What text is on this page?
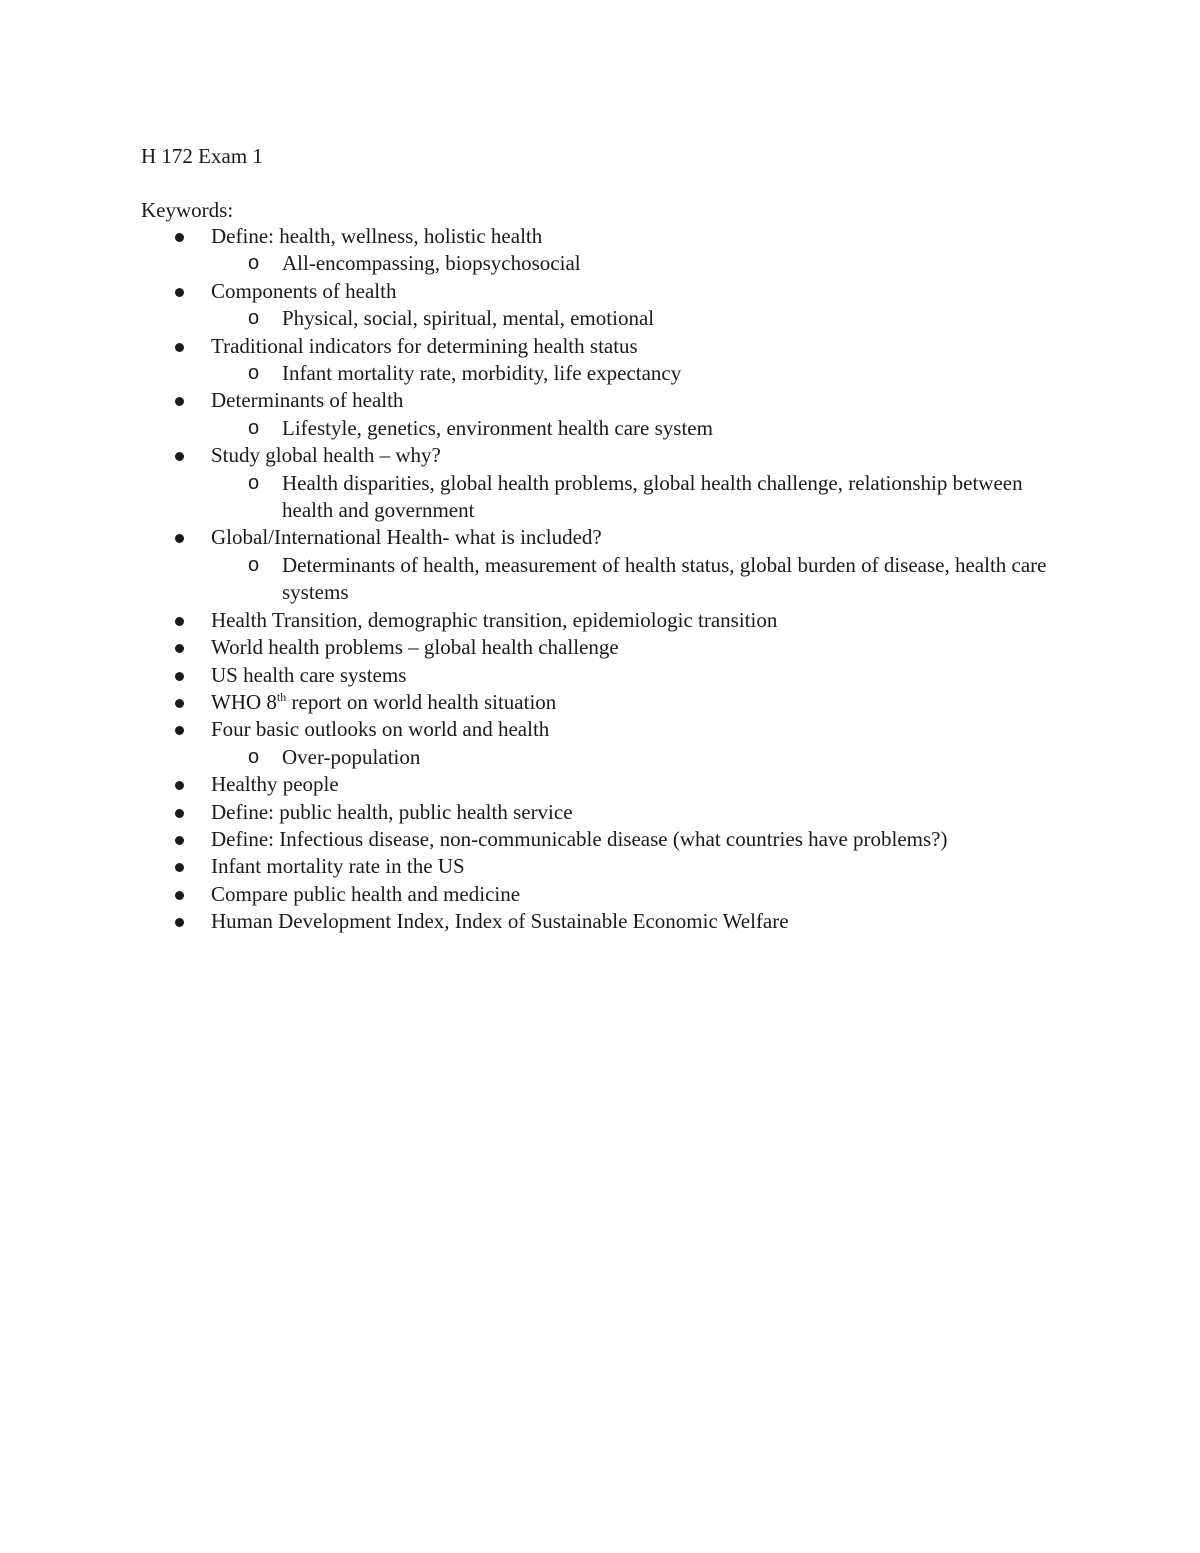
H 172 Exam 1
Keywords:
Define: health, wellness, holistic health
o All-encompassing, biopsychosocial
Components of health
o Physical, social, spiritual, mental, emotional
Traditional indicators for determining health status
o Infant mortality rate, morbidity, life expectancy
Determinants of health
o Lifestyle, genetics, environment health care system
Study global health – why?
o Health disparities, global health problems, global health challenge, relationship between health and government
Global/International Health- what is included?
o Determinants of health, measurement of health status, global burden of disease, health care systems
Health Transition, demographic transition, epidemiologic transition
World health problems – global health challenge
US health care systems
WHO 8th report on world health situation
Four basic outlooks on world and health
o Over-population
Healthy people
Define: public health, public health service
Define: Infectious disease, non-communicable disease (what countries have problems?)
Infant mortality rate in the US
Compare public health and medicine
Human Development Index, Index of Sustainable Economic Welfare
